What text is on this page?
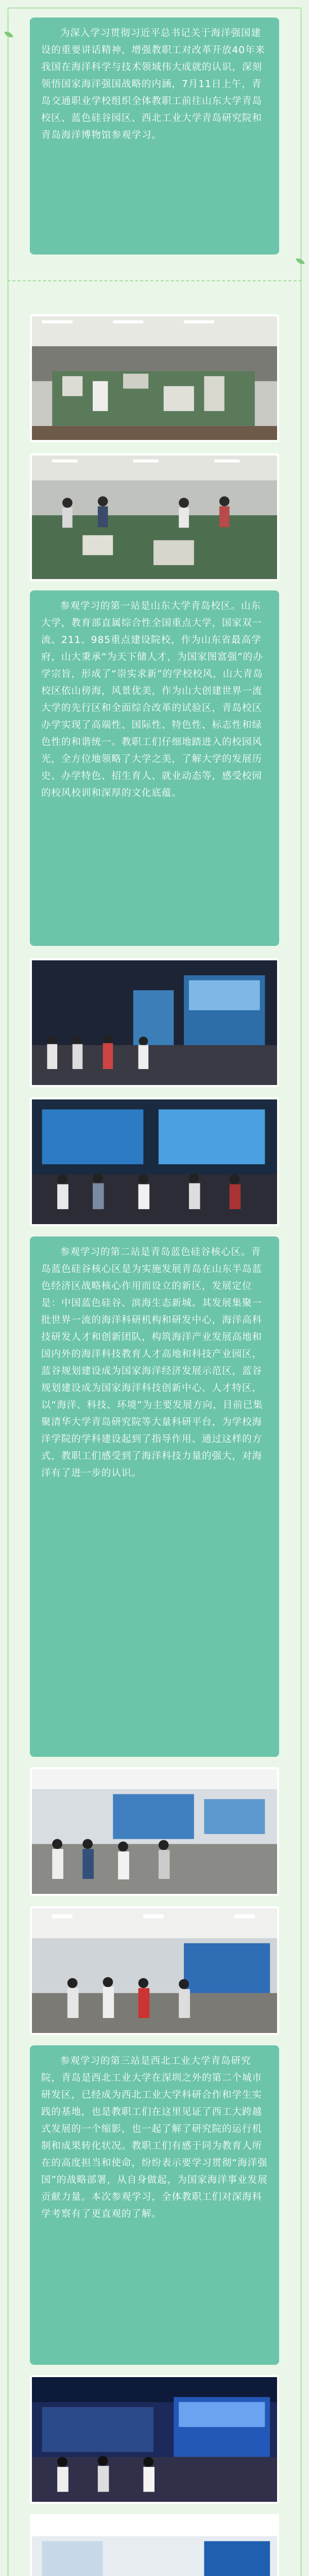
为深入学习贯彻习近平总书记关于海洋强国建设的重要讲话精神，增强教职工对改革开放40年来我国在海洋科学与技术领域伟大成就的认识，深刻领悟国家海洋强国战略的内涵，7月11日上午，青岛交通职业学校组织全体教职工前往山东大学青岛校区、蓝色硅谷园区、西北工业大学青岛研究院和青岛海洋博物馆参观学习。

参观学习的第一站是山东大学青岛校区。山东大学，教育部直属综合性全国重点大学，国家双一流、211、985重点建设院校，作为山东省最高学府，山大秉承“为天下储人才，为国家图富强”的办学宗旨，形成了“崇实求新”的学校校风，山大青岛校区依山傍海，风景优美，作为山大创建世界一流大学的先行区和全面综合改革的试验区，青岛校区办学实现了高端性、国际性、特色性、标志性和绿色性的和谐统一。教职工们仔细地踏进入的校园风光，全方位地领略了大学之美，了解大学的发展历史、办学特色、招生育人、就业动态等，感受校园的校风校训和深厚的文化底蕴。

参观学习的第二站是青岛蓝色硅谷核心区。青岛蓝色硅谷核心区是为实施发展青岛在山东半岛蓝色经济区战略核心作用而设立的新区，发展定位是：中国蓝色硅谷、滨海生态新城。其发展集聚一批世界一流的海洋科研机构和研发中心，海洋高科技研发人才和创新团队，构筑海洋产业发展高地和国内外的海洋科技教育人才高地和科技产业园区，蓝谷规划建设成为国家海洋经济发展示范区，蓝谷规划建设成为国家海洋科技创新中心、人才特区，以“海洋、科技、环境”为主要发展方向，目前已集聚清华大学青岛研究院等大量科研平台，为学校海洋学院的学科建设起到了指导作用、通过这样的方式，教职工们感受到了海洋科技力量的强大，对海洋有了进一步的认识。

参观学习的第三站是西北工业大学青岛研究院，青岛是西北工业大学在深圳之外的第二个城市研发区，已经成为西北工业大学科研合作和学生实践的基地，也是教职工们在这里见证了西工大跨越式发展的一个缩影，也一起了解了研究院的运行机制和成果转化状况。教职工们有感于同为教育人所在的高度担当和使命，纷纷表示要学习贯彻“海洋强国”的战略部署，从自身做起，为国家海洋事业发展贡献力量。本次参观学习，全体教职工们对深海科学考察有了更直观的了解。
